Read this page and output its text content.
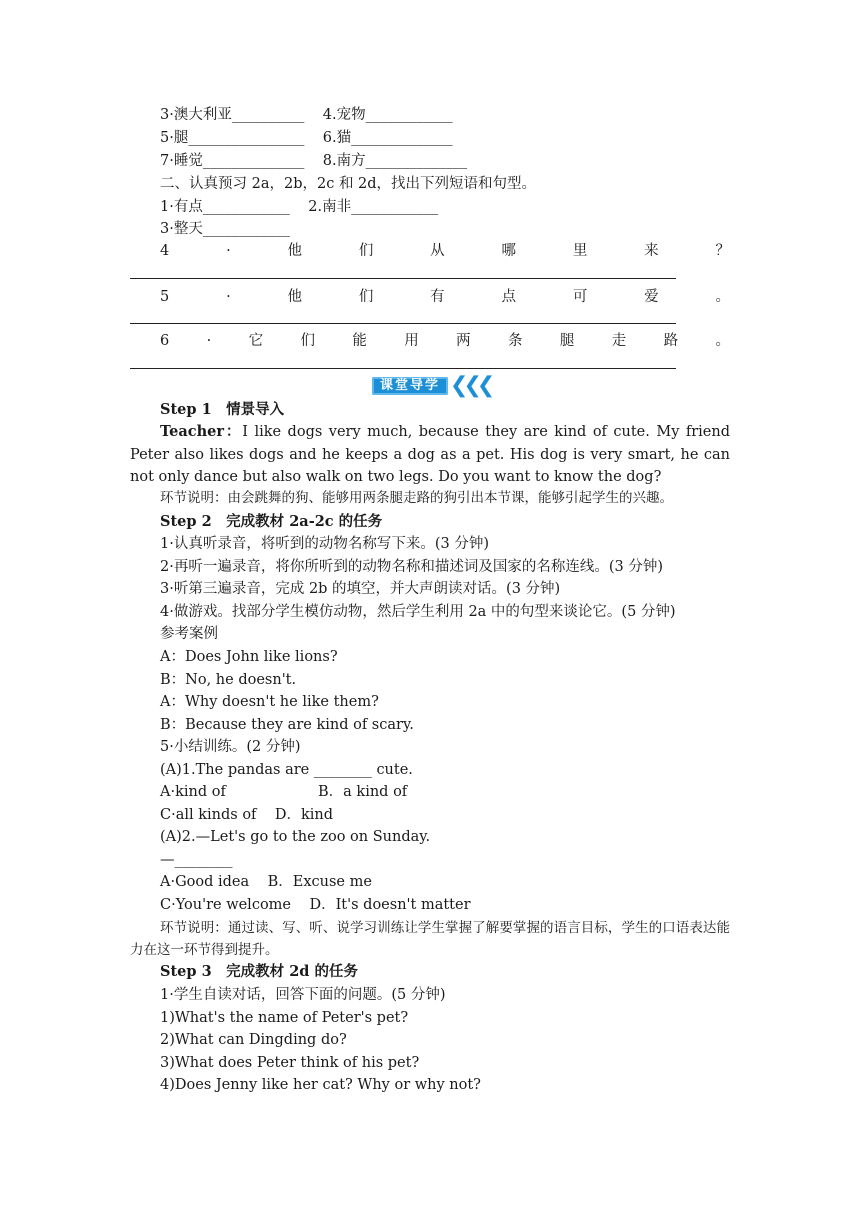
3·澳大利亚__________    4.宠物____________
5·腿________________    6.猫______________
7·睡觉______________    8.南方______________
二、认真预习 2a，2b，2c 和 2d，找出下列短语和句型。
1·有点____________    2.南非____________
3·整天____________
4	·	他	们	从	哪	里	来	？
5	·	他	们	有	点	可	爱	。
6	·	它	们	能	用	两	条	腿	走	路	。
课堂导学 ❮❮❮
Step 1　情景导入
Teacher：I like dogs very much, because they are kind of cute. My friend Peter also likes dogs and he keeps a dog as a pet. His dog is very smart, he can not only dance but also walk on two legs. Do you want to know the dog?
环节说明：由会跳舞的狗、能够用两条腿走路的狗引出本节课，能够引起学生的兴趣。
Step 2　完成教材 2a-2c 的任务
1·认真听录音，将听到的动物名称写下来。(3 分钟)
2·再听一遍录音，将你所听到的动物名称和描述词及国家的名称连线。(3 分钟)
3·听第三遍录音，完成 2b 的填空，并大声朗读对话。(3 分钟)
4·做游戏。找部分学生模仿动物，然后学生利用 2a 中的句型来谈论它。(5 分钟)
参考案例
A：Does John like lions?
B：No, he doesn't.
A：Why doesn't he like them?
B：Because they are kind of scary.
5·小结训练。(2 分钟)
(A)1.The pandas are ________ cute.
A·kind of                    B．a kind of
C·all kinds of    D．kind
(A)2.—Let's go to the zoo on Sunday.
—________
A·Good idea    B．Excuse me
C·You're welcome    D．It's doesn't matter
环节说明：通过读、写、听、说学习训练让学生掌握了解要掌握的语言目标，学生的口语表达能力在这一环节得到提升。
Step 3　完成教材 2d 的任务
1·学生自读对话，回答下面的问题。(5 分钟)
1)What's the name of Peter's pet?
2)What can Dingding do?
3)What does Peter think of his pet?
4)Does Jenny like her cat? Why or why not?
